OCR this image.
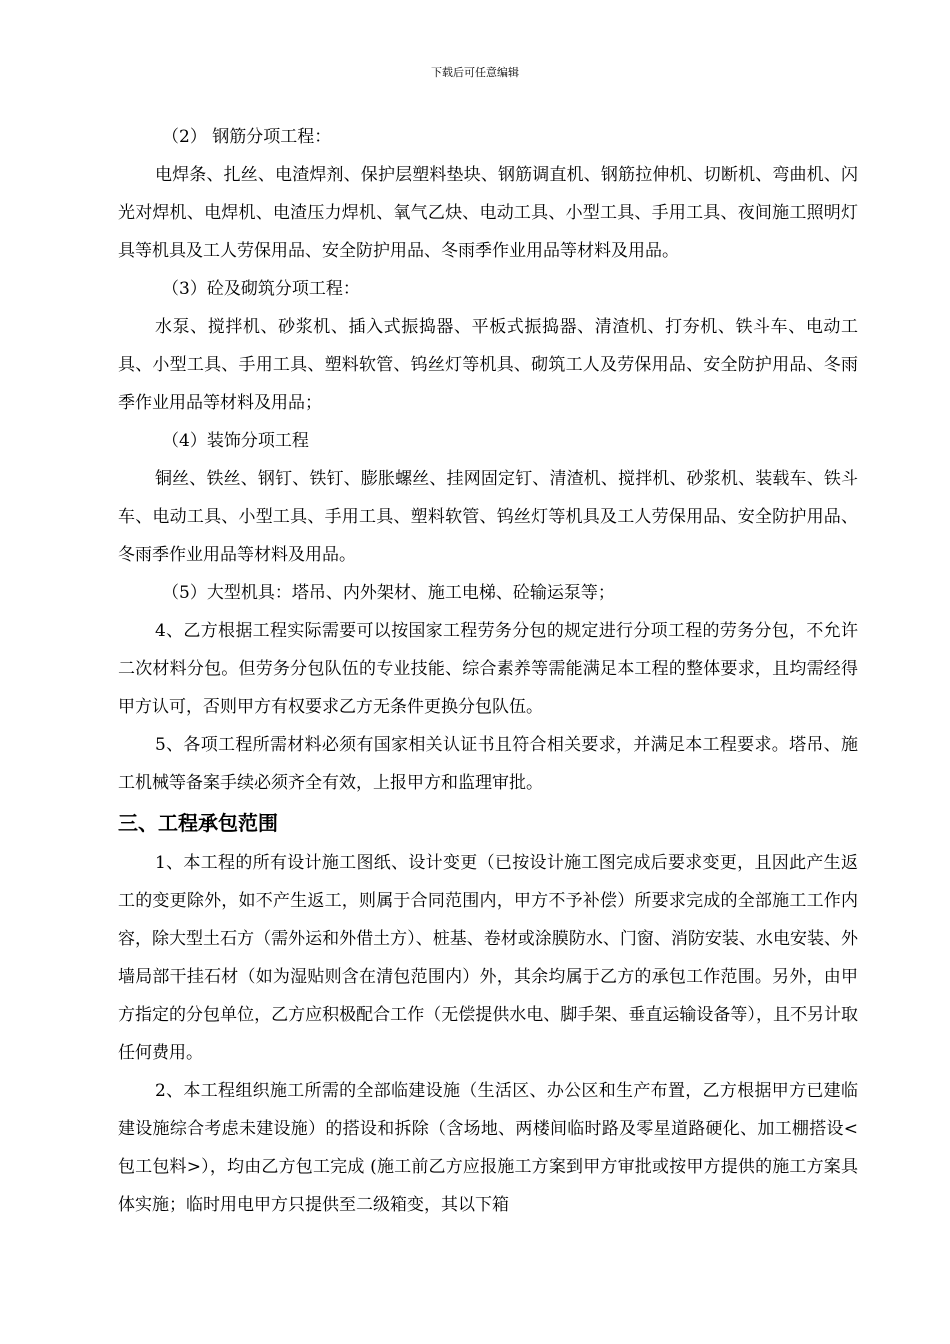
下载后可任意编辑

（2） 钢筋分项工程：

电焊条、扎丝、电渣焊剂、保护层塑料垫块、钢筋调直机、钢筋拉伸机、切断机、弯曲机、闪光对焊机、电焊机、电渣压力焊机、氧气乙炔、电动工具、小型工具、手用工具、夜间施工照明灯具等机具及工人劳保用品、安全防护用品、冬雨季作业用品等材料及用品。

（3）砼及砌筑分项工程：

水泵、搅拌机、砂浆机、插入式振捣器、平板式振捣器、清渣机、打夯机、铁斗车、电动工具、小型工具、手用工具、塑料软管、钨丝灯等机具、砌筑工人及劳保用品、安全防护用品、冬雨季作业用品等材料及用品；

（4）装饰分项工程

铜丝、铁丝、钢钉、铁钉、膨胀螺丝、挂网固定钉、清渣机、搅拌机、砂浆机、装载车、铁斗车、电动工具、小型工具、手用工具、塑料软管、钨丝灯等机具及工人劳保用品、安全防护用品、冬雨季作业用品等材料及用品。

（5）大型机具：塔吊、内外架材、施工电梯、砼输运泵等；

4、乙方根据工程实际需要可以按国家工程劳务分包的规定进行分项工程的劳务分包，不允许二次材料分包。但劳务分包队伍的专业技能、综合素养等需能满足本工程的整体要求，且均需经得甲方认可，否则甲方有权要求乙方无条件更换分包队伍。

5、各项工程所需材料必须有国家相关认证书且符合相关要求，并满足本工程要求。塔吊、施工机械等备案手续必须齐全有效，上报甲方和监理审批。

三、工程承包范围

1、本工程的所有设计施工图纸、设计变更（已按设计施工图完成后要求变更，且因此产生返工的变更除外，如不产生返工，则属于合同范围内，甲方不予补偿）所要求完成的全部施工工作内容，除大型土石方（需外运和外借土方）、桩基、卷材或涂膜防水、门窗、消防安装、水电安装、外墙局部干挂石材（如为湿贴则含在清包范围内）外，其余均属于乙方的承包工作范围。另外，由甲方指定的分包单位，乙方应积极配合工作（无偿提供水电、脚手架、垂直运输设备等），且不另计取任何费用。

2、本工程组织施工所需的全部临建设施（生活区、办公区和生产布置，乙方根据甲方已建临建设施综合考虑未建设施）的搭设和拆除（含场地、两楼间临时路及零星道路硬化、加工棚搭设<包工包料>），均由乙方包工完成 (施工前乙方应报施工方案到甲方审批或按甲方提供的施工方案具体实施；临时用电甲方只提供至二级箱变，其以下箱
